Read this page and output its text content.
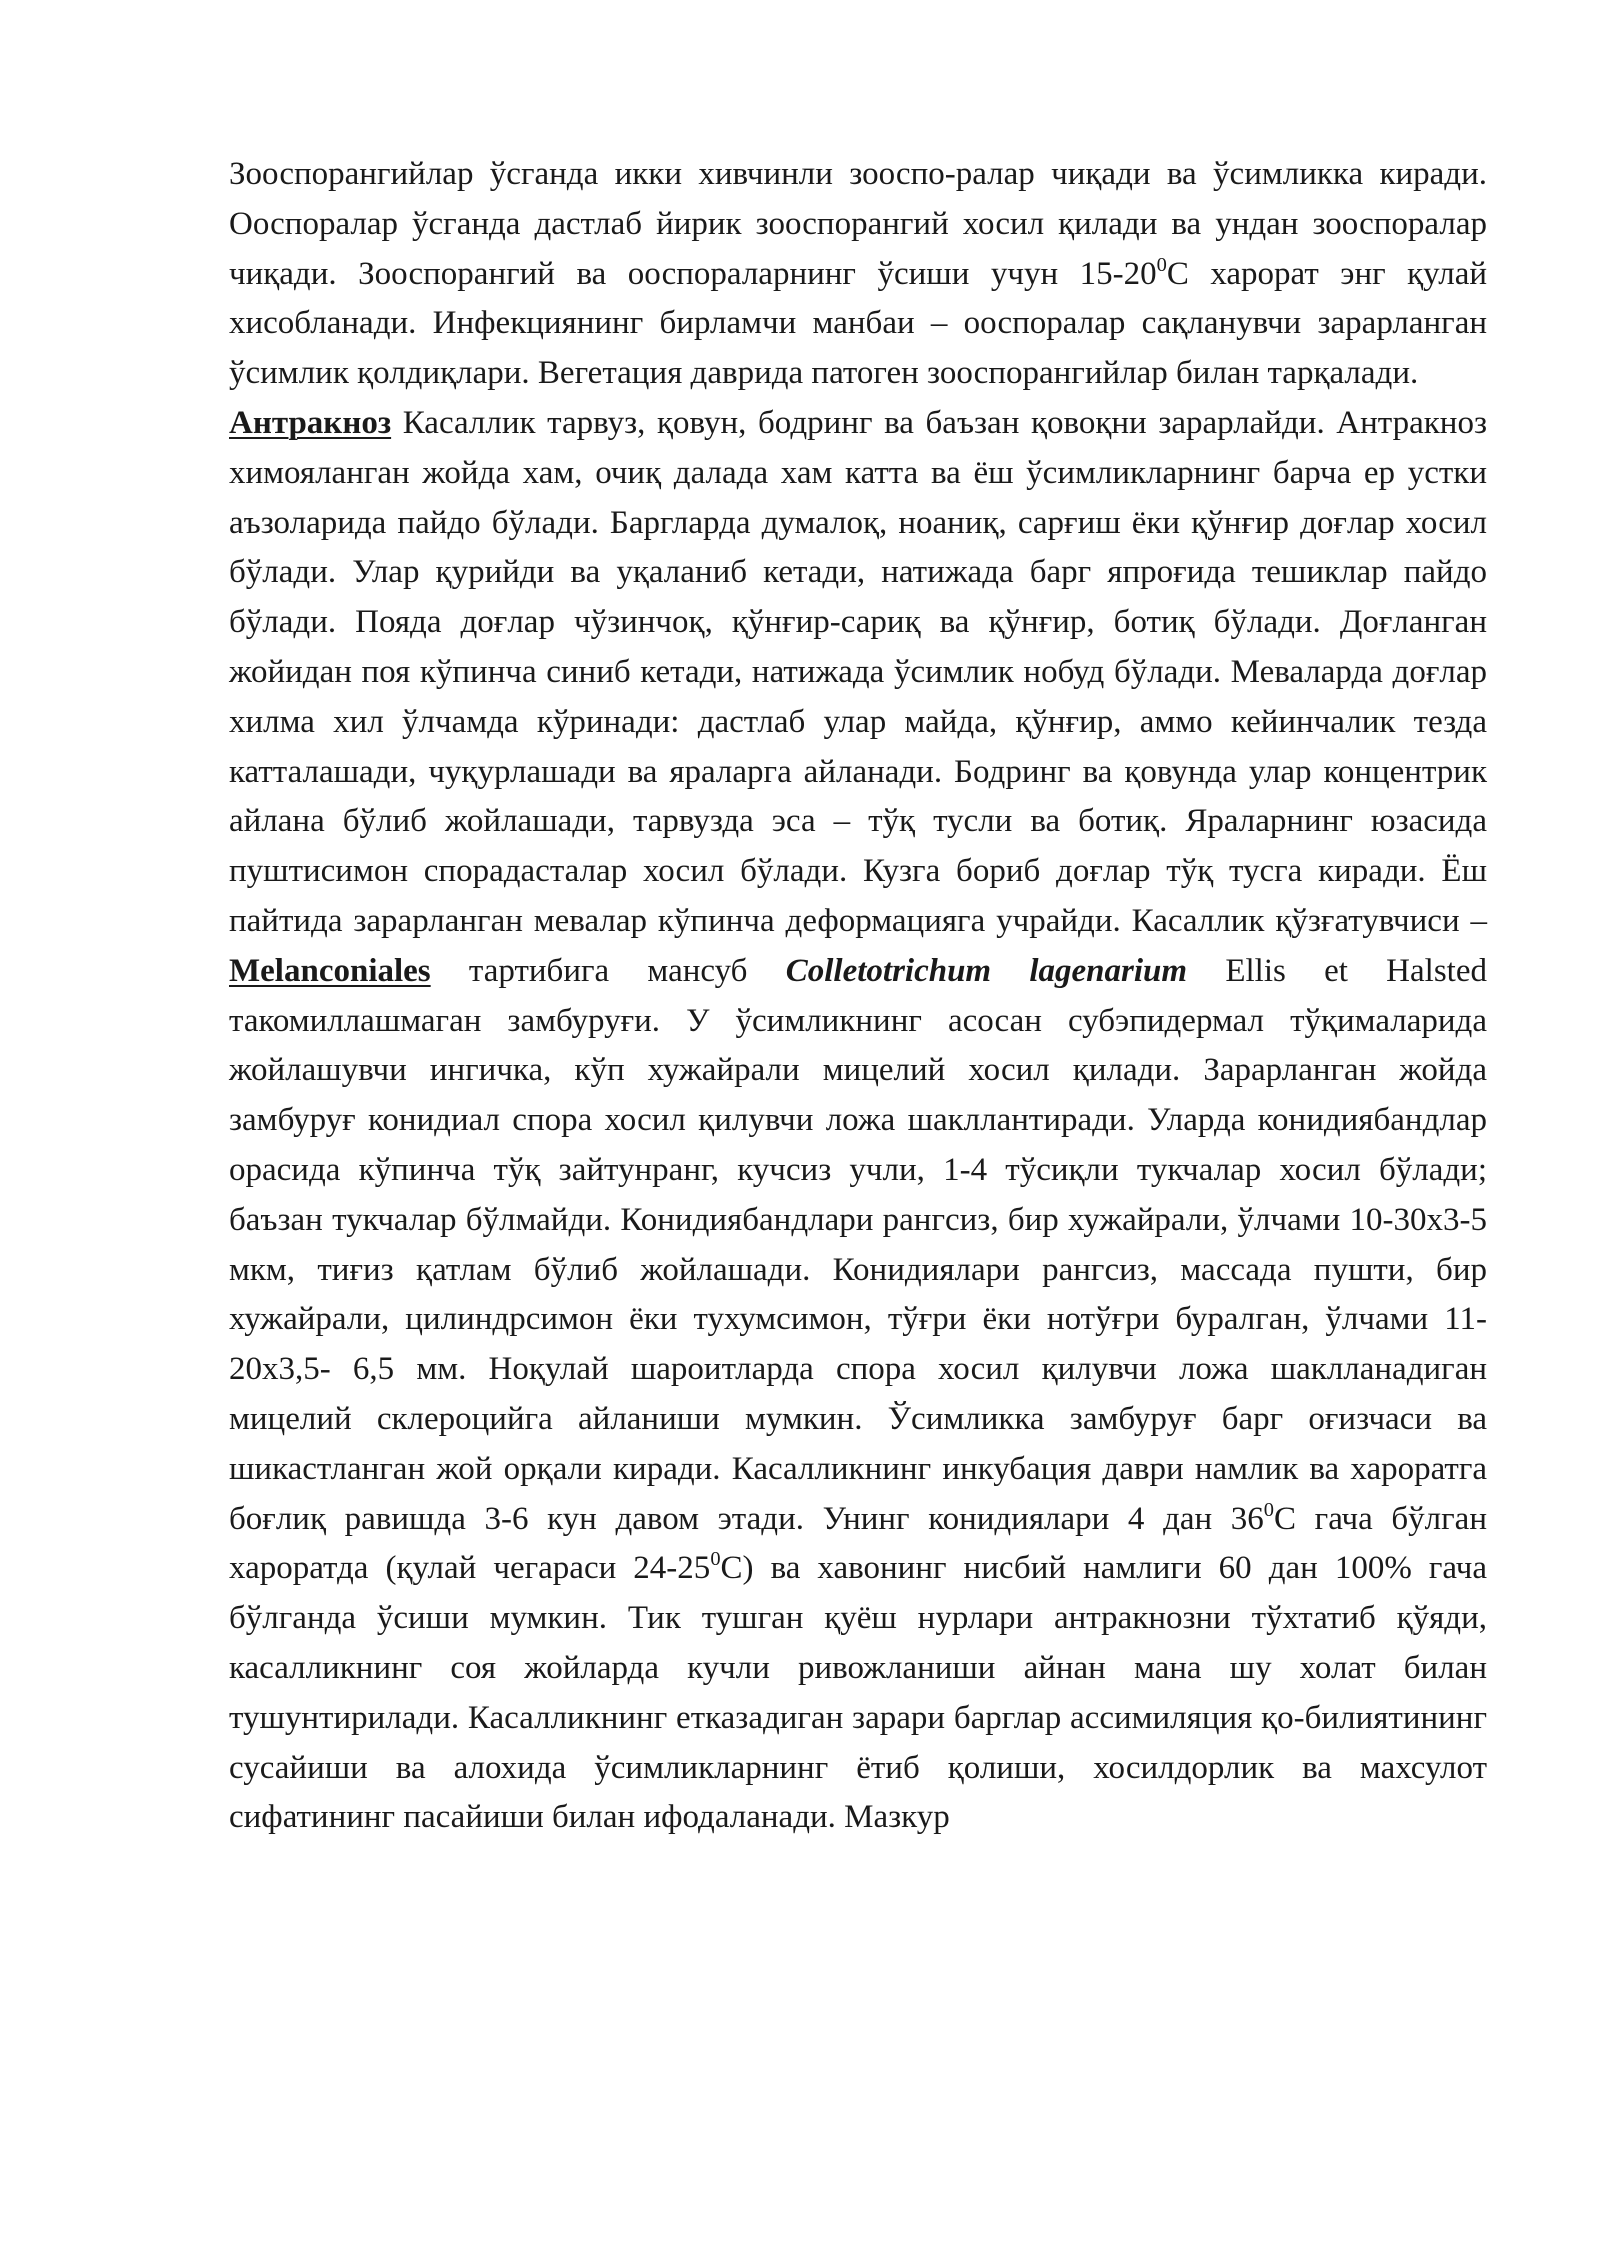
Зооспорангийлар ўсганда икки хивчинли зооспо-ралар чиқади ва ўсимликка киради. Ооспоралар ўсганда дастлаб йирик зооспорангий хосил қилади ва ундан зооспоралар чиқади. Зооспорангий ва ооспораларнинг ўсиши учун $15-20^0С$ харорат энг қулай хисобланади. Инфекциянинг бирламчи манбаи – ооспоралар сақланувчи зарарланган ўсимлик қолдиқлари. Вегетация даврида патоген зооспорангийлар билан тарқалади.

Антракноз Касаллик тарвуз, қовун, бодринг ва баъзан қовоқни зарарлайди. Антракноз химояланган жойда хам, очиқ далада хам катта ва ёш ўсимликларнинг барча ер устки аъзоларида пайдо бўлади. Баргларда думалоқ, ноаниқ, сарғиш ёки қўнғир доғлар хосил бўлади. Улар қурийди ва уқаланиб кетади, натижада барг япроғида тешиклар пайдо бўлади. Пояда доғлар чўзинчоқ, қўнғир-сариқ ва қўнғир, ботиқ бўлади. Доғланган жойидан поя кўпинча синиб кетади, натижада ўсимлик нобуд бўлади. Меваларда доғлар хилма хил ўлчамда кўринади: дастлаб улар майда, қўнғир, аммо кейинчалик тезда катталашади, чуқурлашади ва яраларга айланади. Бодринг ва қовунда улар концентрик айлана бўлиб жойлашади, тарвузда эса – тўқ тусли ва ботиқ. Яраларнинг юзасида пуштисимон спорадасталар хосил бўлади. Кузга бориб доғлар тўқ тусга киради. Ёш пайтида зарарланган мевалар кўпинча деформацияга учрайди. Касаллик қўзғатувчиси – Melanconiales тартибига мансуб Colletotrichum lagenarium Ellis et Halsted такомиллашмаган замбуруғи. У ўсимликнинг асосан субэпидермал тўқималарида жойлашувчи ингичка, кўп хужайрали мицелий хосил қилади. Зарарланган жойда замбуруғ конидиал спора хосил қилувчи ложа шакллантиради. Уларда конидиябандлар орасида кўпинча тўқ зайтунранг, кучсиз учли, 1-4 тўсиқли тукчалар хосил бўлади; баъзан тукчалар бўлмайди. Конидиябандлари рангсиз, бир хужайрали, ўлчами 10-30х3-5 мкм, тиғиз қатлам бўлиб жойлашади. Конидиялари рангсиз, массада пушти, бир хужайрали, цилиндрсимон ёки тухумсимон, тўғри ёки нотўғри буралган, ўлчами 11-20х3,5- 6,5 мм. Ноқулай шароитларда спора хосил қилувчи ложа шаклланадиган мицелий склероцийга айланиши мумкин. Ўсимликка замбуруғ барг оғизчаси ва шикастланган жой орқали киради. Касалликнинг инкубация даври намлик ва хароратга боғлиқ равишда 3-6 кун давом этади. Унинг конидиялари 4 дан $36^0С$ гача бўлган хароратда (қулай чегараси $24-25^0С$) ва хавонинг нисбий намлиги 60 дан 100% гача бўлганда ўсиши мумкин. Тик тушган қуёш нурлари антракнозни тўхтатиб қўяди, касалликнинг соя жойларда кучли ривожланиши айнан мана шу холат билан тушунтирилади. Касалликнинг етказадиган зарари барглар ассимиляция қо-билиятининг сусайиши ва алохида ўсимликларнинг ётиб қолиши, хосилдорлик ва махсулот сифатининг пасайиши билан ифодаланади. Мазкур
